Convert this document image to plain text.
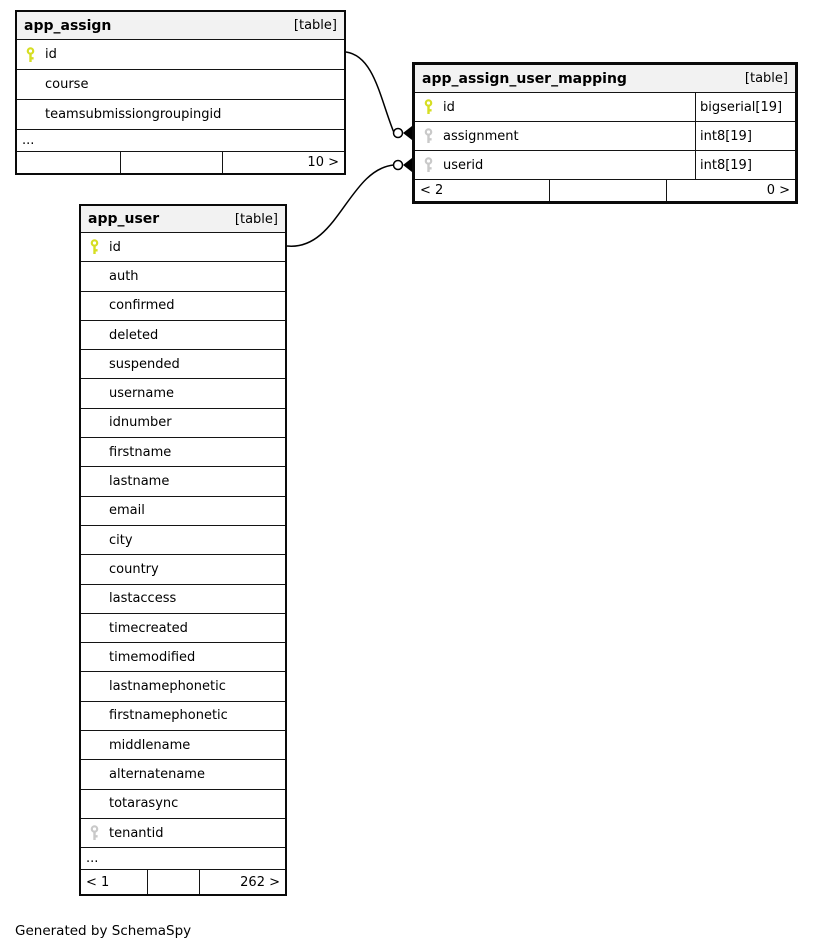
app_assign	[table]
id
course
teamsubmissiongroupingid
...
10 >
app_assign_user_mapping	[table]
id	bigserial[19]
assignment	int8[19]
userid	int8[19]
< 2	0 >
app_user	[table]
id
auth
confirmed
deleted
suspended
username
idnumber
firstname
lastname
email
city
country
lastaccess
timecreated
timemodified
lastnamephonetic
firstnamephonetic
middlename
alternatename
totarasync
tenantid
...
< 1	262 >
Generated by SchemaSpy
